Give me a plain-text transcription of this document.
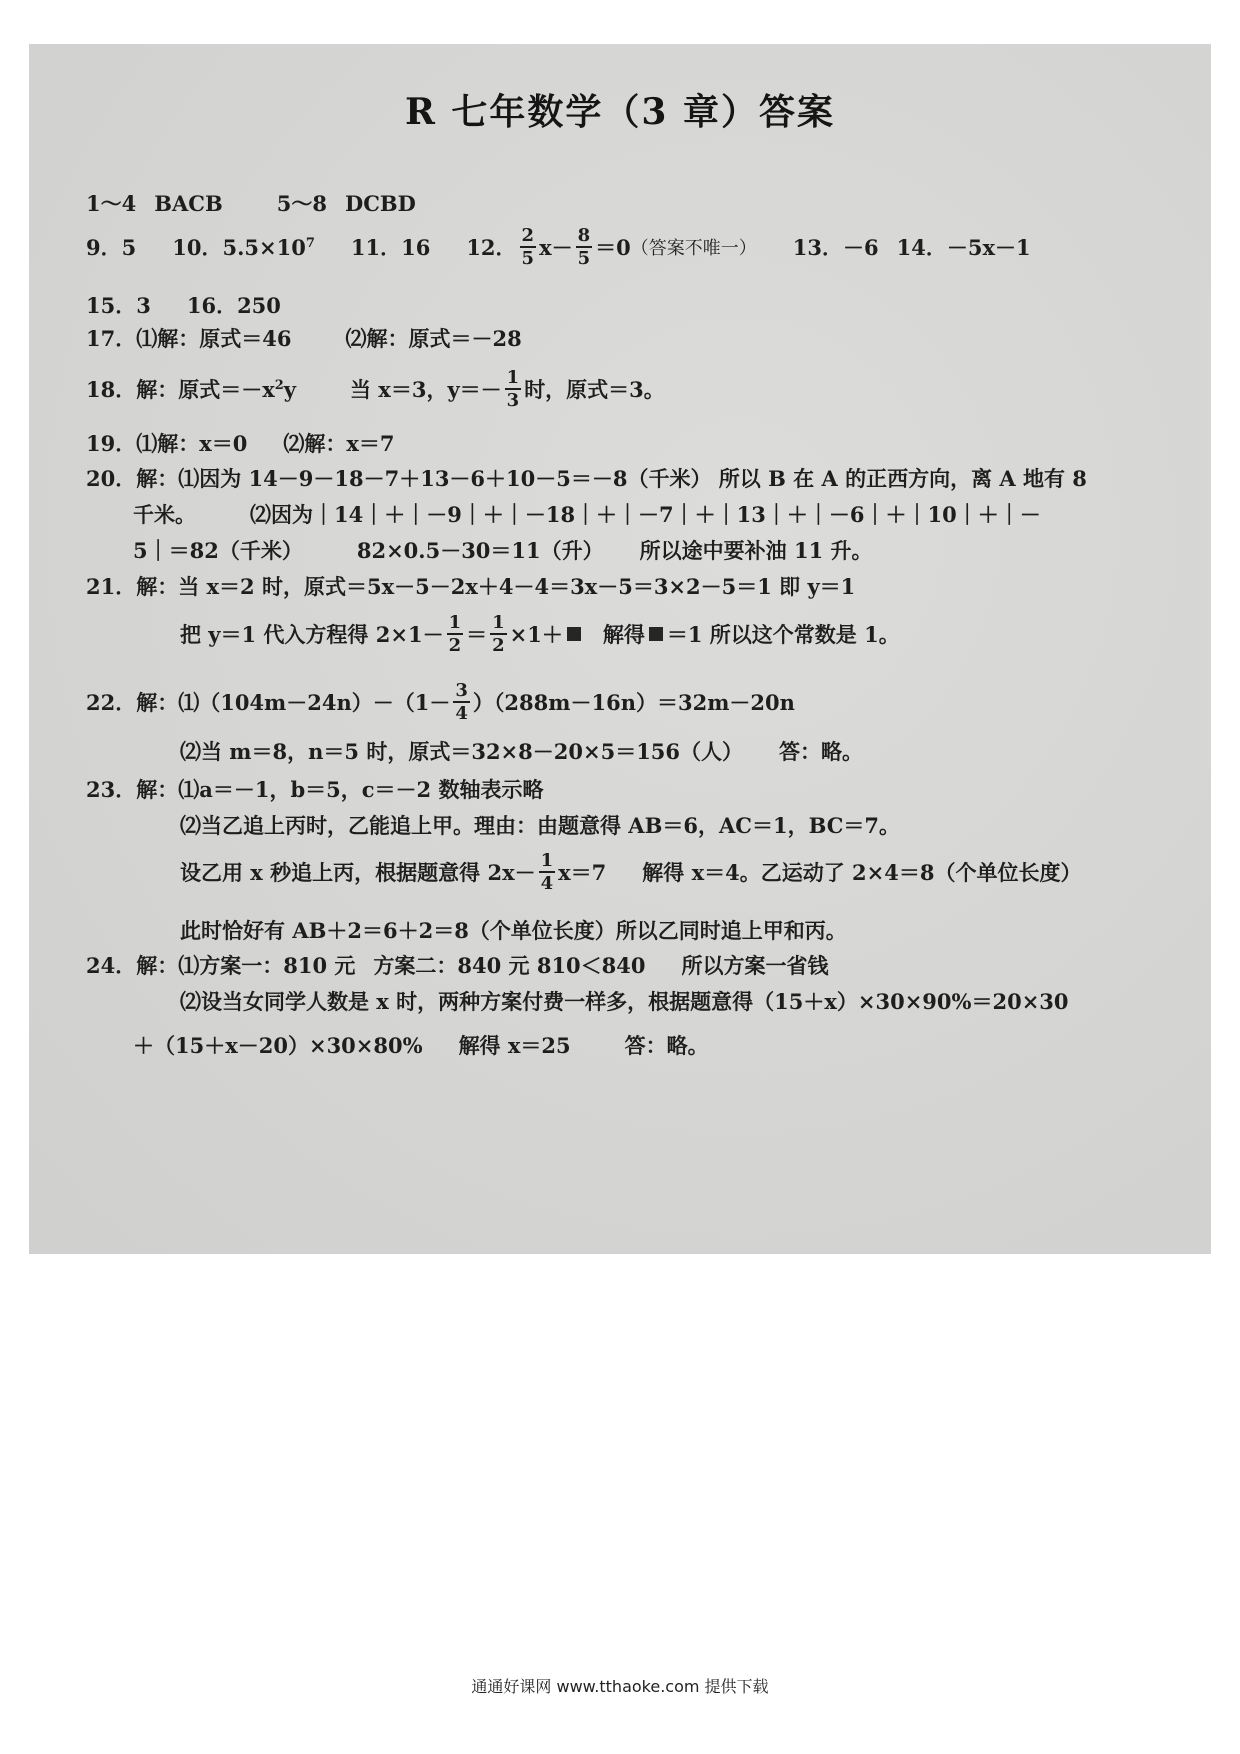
R 七年数学（3 章）答案
1～4 BACB	5～8 DCBD
9．5 10．$5.5\times 10^7$ 11．16 12． $\frac{2}{5} x- \frac{8}{5} =0$ （答案不唯一） 13．－6 14．－5x－1
15．3 16．250
17．⑴解：原式＝46	⑵解：原式＝－28
18．解：原式$=-x^2y$	当 x＝3，$y=- \frac{1}{3}$ 时，原式＝3。
19．⑴解：x＝0 ⑵解：x＝7
20．解：⑴因为 14－9－18－7＋13－6＋10－5＝－8（千米） 所以 B 在 A 的正西方向，离 A 地有 8
千米。	⑵因为｜14｜＋｜－9｜＋｜－18｜＋｜－7｜＋｜13｜＋｜－6｜＋｜10｜＋｜－
5｜＝82（千米）	82×0.5－30＝11（升） 所以途中要补油 11 升。
21．解：当 x＝2 时，原式＝5x－5－2x＋4－4＝3x－5＝3×2－5＝1 即 y＝1
把 y＝1 代入方程得 $2\times 1- \frac{1}{2} = \frac{1}{2} \times 1+$ 解得 ＝1 所以这个常数是 1。
22．解：⑴（104m－24n）－（1－ $\frac{3}{4} )(288m-16n)=32m-20n$
⑵当 m＝8，n＝5 时，原式＝32×8－20×5＝156（人） 答：略。
23．解：⑴a＝－1，b＝5，c＝－2 数轴表示略
⑵当乙追上丙时，乙能追上甲。理由：由题意得 AB＝6，AC＝1，BC＝7。
设乙用 x 秒追上丙，根据题意得 $2x- \frac{1}{4} x=7$ 解得 x＝4。乙运动了 2×4＝8（个单位长度）
此时恰好有 AB＋2＝6＋2＝8（个单位长度）所以乙同时追上甲和丙。
24．解：⑴方案一：810 元 方案二：840 元 810＜840 所以方案一省钱
⑵设当女同学人数是 x 时，两种方案付费一样多，根据题意得（15＋x）×30×90%＝20×30
＋（15＋x－20）×30×80% 解得 x＝25	答：略。
通通好课网 www.tthaoke.com 提供下载
